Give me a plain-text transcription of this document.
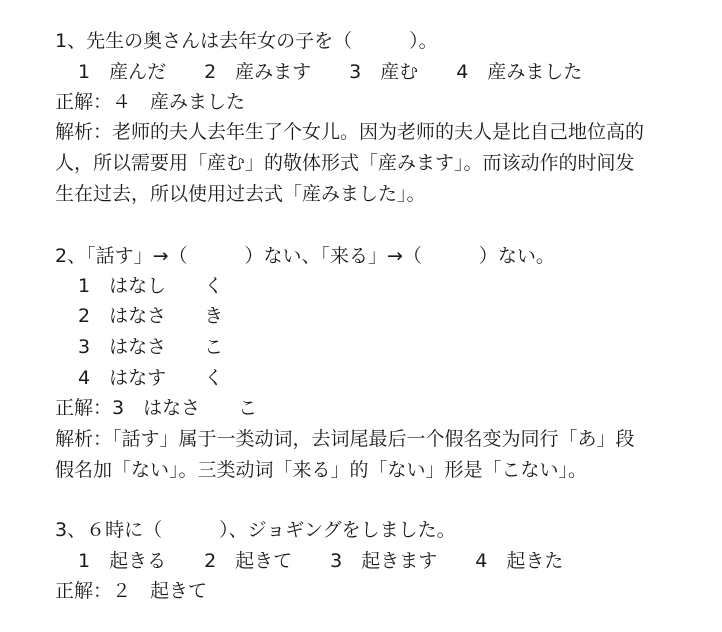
1、先生の奥さんは去年女の子を（　　　）。
1　産んだ　　2　産みます　　3　産む　　4　産みました
正解：４　産みました
解析：老师的夫人去年生了个女儿。因为老师的夫人是比自己地位高的
人，所以需要用「産む」的敬体形式「産みます」。而该动作的时间发
生在过去，所以使用过去式「産みました」。
2、「話す」→（　　　）ない、「来る」→（　　　）ない。
1　はなし　　く
2　はなさ　　き
3　はなさ　　こ
4　はなす　　く
正解：3　はなさ　　こ
解析：「話す」属于一类动词，去词尾最后一个假名变为同行「あ」段
假名加「ない」。三类动词「来る」的「ない」形是「こない」。
3、６時に（　　　）、ジョギングをしました。
1　起きる　　2　起きて　　3　起きます　　4　起きた
正解：２　起きて
